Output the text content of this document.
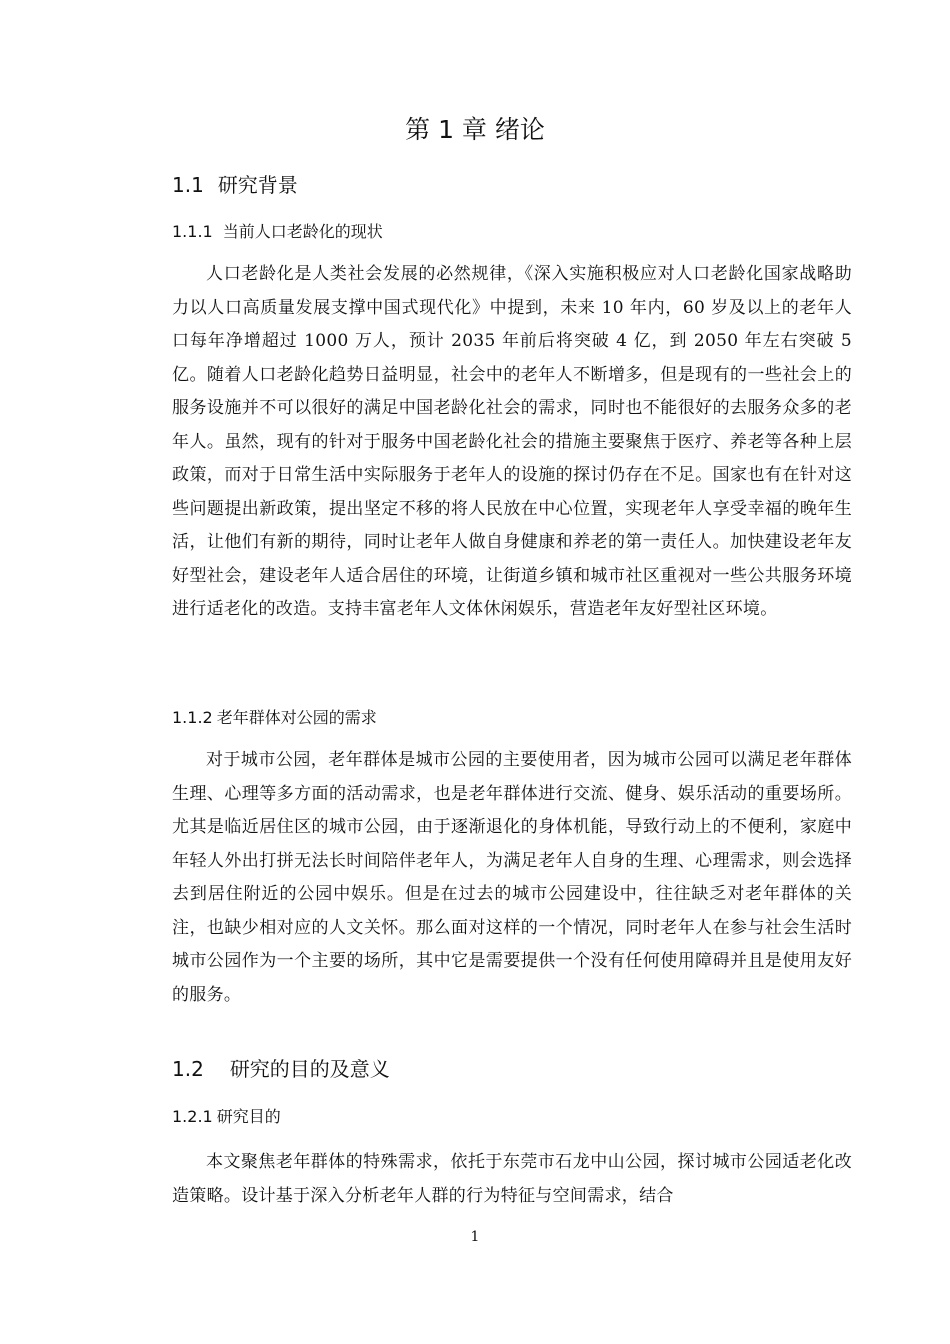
第 1 章 绪论
1.1 研究背景
1.1.1 当前人口老龄化的现状

人口老龄化是人类社会发展的必然规律，《深入实施积极应对人口老龄化国家战略助力以人口高质量发展支撑中国式现代化》中提到，未来 10 年内，60 岁及以上的老年人口每年净增超过 1000 万人，预计 2035 年前后将突破 4 亿，到 2050 年左右突破 5 亿。随着人口老龄化趋势日益明显，社会中的老年人不断增多，但是现有的一些社会上的服务设施并不可以很好的满足中国老龄化社会的需求，同时也不能很好的去服务众多的老年人。虽然，现有的针对于服务中国老龄化社会的措施主要聚焦于医疗、养老等各种上层政策，而对于日常生活中实际服务于老年人的设施的探讨仍存在不足。国家也有在针对这些问题提出新政策，提出坚定不移的将人民放在中心位置，实现老年人享受幸福的晚年生活，让他们有新的期待，同时让老年人做自身健康和养老的第一责任人。加快建设老年友好型社会，建设老年人适合居住的环境，让街道乡镇和城市社区重视对一些公共服务环境进行适老化的改造。支持丰富老年人文体休闲娱乐，营造老年友好型社区环境。

1.1.2 老年群体对公园的需求

对于城市公园，老年群体是城市公园的主要使用者，因为城市公园可以满足老年群体生理、心理等多方面的活动需求，也是老年群体进行交流、健身、娱乐活动的重要场所。尤其是临近居住区的城市公园，由于逐渐退化的身体机能，导致行动上的不便利，家庭中年轻人外出打拼无法长时间陪伴老年人，为满足老年人自身的生理、心理需求，则会选择去到居住附近的公园中娱乐。但是在过去的城市公园建设中，往往缺乏对老年群体的关注，也缺少相对应的人文关怀。那么面对这样的一个情况，同时老年人在参与社会生活时城市公园作为一个主要的场所，其中它是需要提供一个没有任何使用障碍并且是使用友好的服务。

1.2 研究的目的及意义
1.2.1 研究目的

本文聚焦老年群体的特殊需求，依托于东莞市石龙中山公园，探讨城市公园适老化改造策略。设计基于深入分析老年人群的行为特征与空间需求，结合

1
